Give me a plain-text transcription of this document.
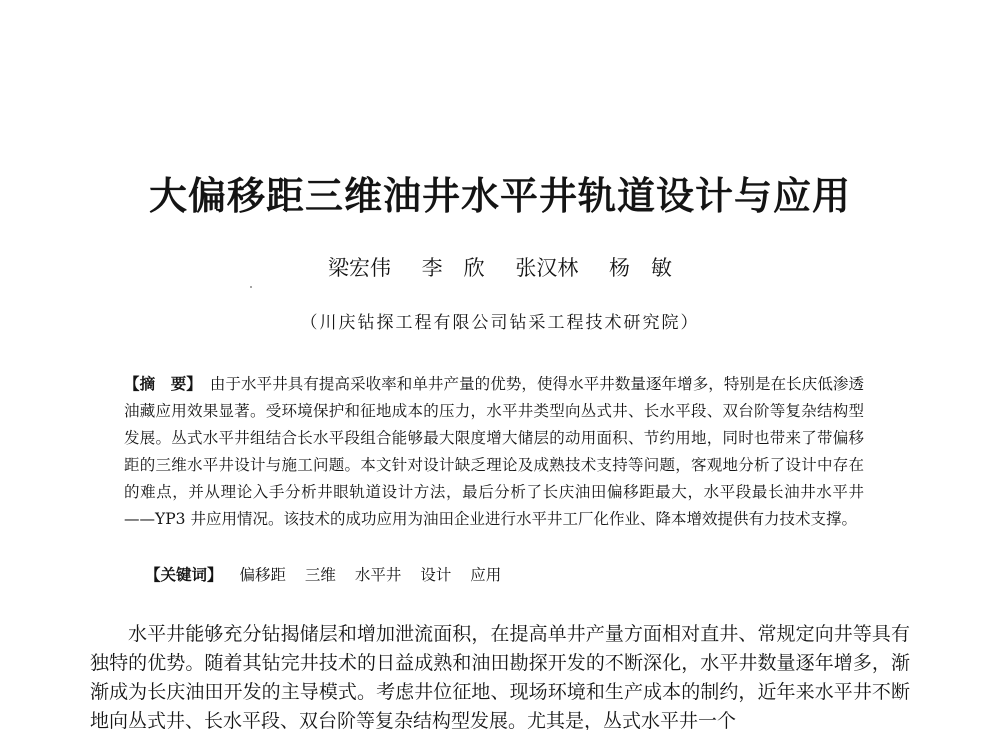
大偏移距三维油井水平井轨道设计与应用

梁宏伟 李　欣 张汉林 杨　敏

（川庆钻探工程有限公司钻采工程技术研究院）

【摘　要】 由于水平井具有提高采收率和单井产量的优势，使得水平井数量逐年增多，特别是在长庆低渗透油藏应用效果显著。受环境保护和征地成本的压力，水平井类型向丛式井、长水平段、双台阶等复杂结构型发展。丛式水平井组结合长水平段组合能够最大限度增大储层的动用面积、节约用地，同时也带来了带偏移距的三维水平井设计与施工问题。本文针对设计缺乏理论及成熟技术支持等问题，客观地分析了设计中存在的难点，并从理论入手分析井眼轨道设计方法，最后分析了长庆油田偏移距最大，水平段最长油井水平井——YP3 井应用情况。该技术的成功应用为油田企业进行水平井工厂化作业、降本增效提供有力技术支撑。

【关键词】 偏移距 三维 水平井 设计 应用

水平井能够充分钻揭储层和增加泄流面积，在提高单井产量方面相对直井、常规定向井等具有独特的优势。随着其钻完井技术的日益成熟和油田勘探开发的不断深化，水平井数量逐年增多，渐渐成为长庆油田开发的主导模式。考虑井位征地、现场环境和生产成本的制约，近年来水平井不断地向丛式井、长水平段、双台阶等复杂结构型发展。尤其是，丛式水平井一个
